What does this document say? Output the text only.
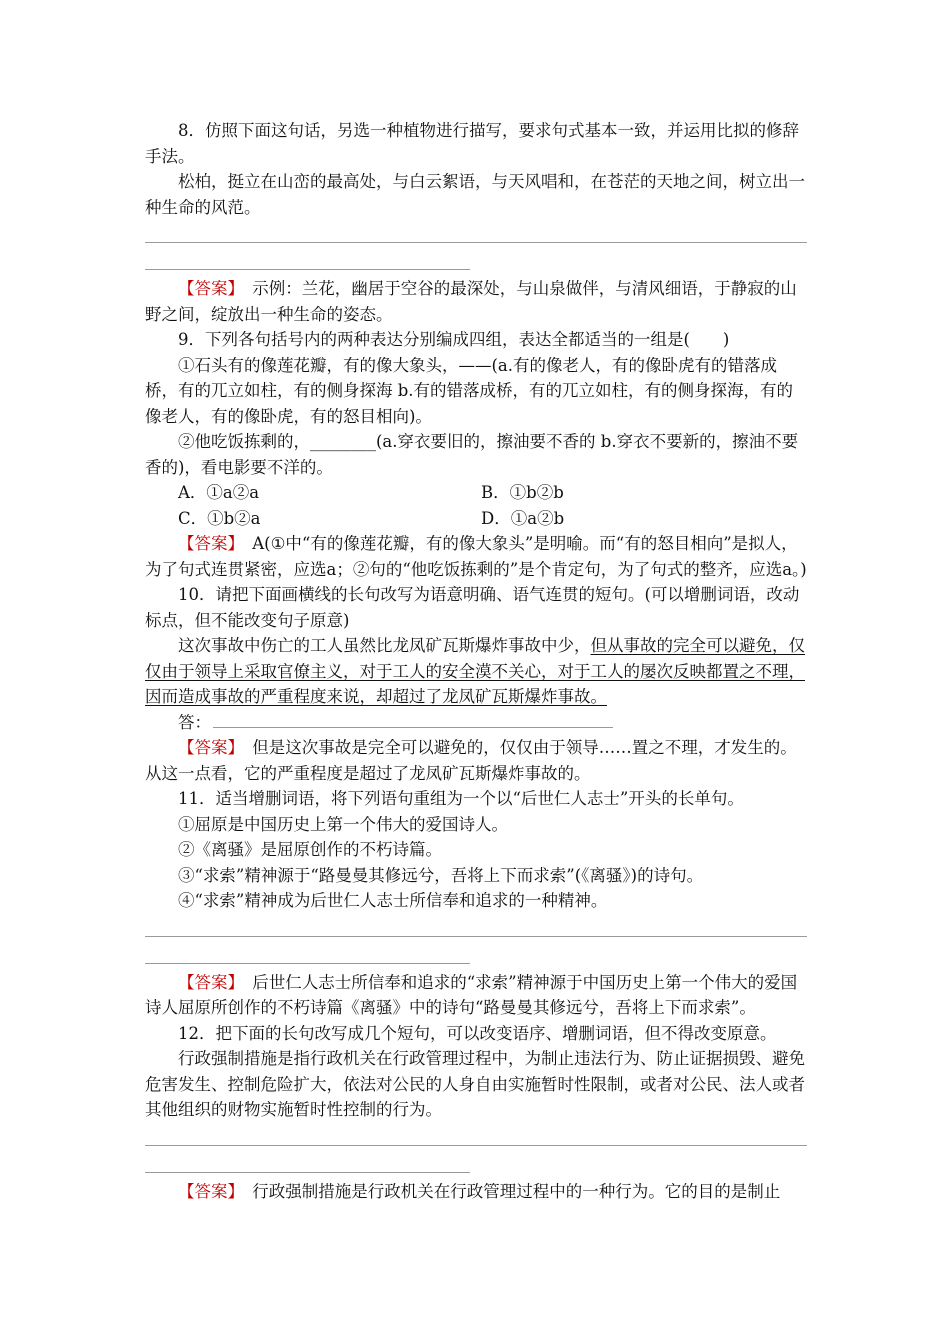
8．仿照下面这句话，另选一种植物进行描写，要求句式基本一致，并运用比拟的修辞手法。

松柏，挺立在山峦的最高处，与白云絮语，与天风唱和，在苍茫的天地之间，树立出一种生命的风范。

【答案】　 示例：兰花，幽居于空谷的最深处，与山泉做伴，与清风细语，于静寂的山野之间，绽放出一种生命的姿态。

9．下列各句括号内的两种表达分别编成四组，表达全都适当的一组是(　　)

①石头有的像莲花瓣，有的像大象头，——(a.有的像老人，有的像卧虎有的错落成桥，有的兀立如柱，有的侧身探海 b.有的错落成桥，有的兀立如柱，有的侧身探海，有的像老人，有的像卧虎，有的怒目相向)。

②他吃饭拣剩的，________(a.穿衣要旧的，擦油要不香的 b.穿衣不要新的，擦油不要香的)，看电影要不洋的。

A．①a②a	B．①b②b
C．①b②a	D．①a②b

【答案】　 A(①中“有的像莲花瓣，有的像大象头”是明喻。而“有的怒目相向”是拟人，为了句式连贯紧密，应选a；②句的“他吃饭拣剩的”是个肯定句，为了句式的整齐，应选a。)

10．请把下面画横线的长句改写为语意明确、语气连贯的短句。(可以增删词语，改动标点，但不能改变句子原意)

这次事故中伤亡的工人虽然比龙凤矿瓦斯爆炸事故中少，但从事故的完全可以避免，仅仅由于领导上采取官僚主义，对于工人的安全漠不关心，对于工人的屡次反映都置之不理，因而造成事故的严重程度来说，却超过了龙凤矿瓦斯爆炸事故。

答：

【答案】　 但是这次事故是完全可以避免的，仅仅由于领导……置之不理，才发生的。从这一点看，它的严重程度是超过了龙凤矿瓦斯爆炸事故的。

11．适当增删词语，将下列语句重组为一个以“后世仁人志士”开头的长单句。

①屈原是中国历史上第一个伟大的爱国诗人。

②《离骚》是屈原创作的不朽诗篇。

③“求索”精神源于“路曼曼其修远兮，吾将上下而求索”(《离骚》)的诗句。

④“求索”精神成为后世仁人志士所信奉和追求的一种精神。

【答案】　 后世仁人志士所信奉和追求的“求索”精神源于中国历史上第一个伟大的爱国诗人屈原所创作的不朽诗篇《离骚》中的诗句“路曼曼其修远兮，吾将上下而求索”。

12．把下面的长句改写成几个短句，可以改变语序、增删词语，但不得改变原意。

行政强制措施是指行政机关在行政管理过程中，为制止违法行为、防止证据损毁、避免危害发生、控制危险扩大，依法对公民的人身自由实施暂时性限制，或者对公民、法人或者其他组织的财物实施暂时性控制的行为。

【答案】　 行政强制措施是行政机关在行政管理过程中的一种行为。它的目的是制止
